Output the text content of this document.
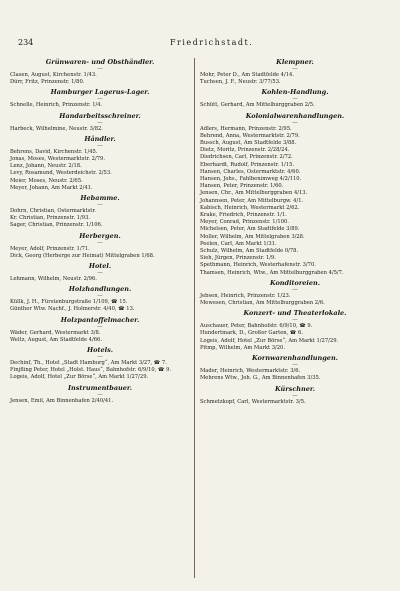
234	Friedrichstadt.

Grünwaren- und Obsthändler.

—

Clasen, August, Kirchenstr. 1/43.

Dürr, Fritz, Prinzenstr. 1/80.

Hamburger Lagerus-Lager.

—

Schnelle, Heinrich, Prinzenstr. 1/4.

Handarbeitsschreiner.

—

Harbeck, Wilhelmine, Neustr. 3/82.

Händler.

—

Behrens, David, Kirchenstr. 1/45.

Jonas, Moses, Westermarktstr. 2/79.

Lenz, Johann, Neustr. 2/18.

Levy, Rosamund, Westerdeichstr. 2/53.

Meier, Moses, Neustr. 2/65.

Meyer, Johann, Am Markt 2/41.

Hebamme.

—

Dohrn, Christian, Ostermarktstr.

Kr. Christian, Prinzenstr. 1/93.

Sager, Christian, Prinzenstr. 1/106.

Herbergen.

—

Meyer, Adolf, Prinzenstr. 1/71.

Dick, Georg (Herberge zur Heimat) Mittelgraben 1/68.

Hotel.

—

Lehmann, Wilhelm, Neustr. 2/96.

Holzhandlungen.

—

Küllk, J. H., Fürstenburgstraße 1/109, ☎ 15.

Günther Wtw. Nachf., J. Holmerstr. 4/40, ☎ 13.

Holzpantoffelmacher.

—

Wäder, Gerhard, Westermarkt 3/8.

Weltz, August, Am Stadtfelde 4/66.

Hotels.

—

Dechinf, Th., Hotel „Stadt Hamburg“, Am Markt 3/27, ☎ 7.

Finjfling Peter, Hotel „Holst. Haus“, Bahnhofstr. 6/9/10, ☎ 9.

Logeis, Adolf, Hotel „Zur Börse“, Am Markt 1/27/29.

Instrumentbauer.

—

Jensen, Emil, Am Binnenhafen 2/40/41.

Klempner.

—

Mohr, Peter D., Am Stadtfelde 4/14.

Tuchsen, J. F., Neustr. 3/77/53.

Kohlen-Handlung.

—

Schütt, Gerhard, Am Mittelburggraben 2/5.

Kolonialwarenhandlungen.

—

Adlers, Hermann, Prinzenstr. 2/95.

Behrend, Anna, Westermarktstr. 2/79.

Bussch, August, Am Stadtfelde 3/88.

Dietz, Moritz, Prinzenstr. 2/28/24.

Diedrichsen, Carl, Prinzenstr. 2/72.

Eberhardt, Rudolf, Prinzenstr. 1/15.

Hansen, Charles, Ostermarktstr. 4/60.

Hansen, Johs., Fahlbenimweg 4/2/110.

Hansen, Peter, Prinzenstr. 1/60.

Jensen, Chr., Am Mittelburggraben 4/13.

Johannsen, Peter, Am Mittelburgw. 4/1.

Kabisch, Heinrich, Westermarkt 2/62.

Krake, Friedrich, Prinzenstr. 1/1.

Meyer, Conrad, Prinzenstr. 1/100.

Michelsen, Peter, Am Stadtfelde 3/89.

Moller, Wilhelm, Am Mittelgraben 3/28.

Peelen, Carl, Am Markt 1/31.

Schulz, Wilhelm, Am Stadtfelde 0/78.

Sieh, Jürgen, Prinzenstr. 1/9.

Spethmann, Heinrich, Westerhafenstr. 3/70.

Thamsen, Heinrich, Wtw., Am Mittelburggraben 4/5/7.

Konditoreien.

—

Jebsen, Heinrich, Prinzenstr. 1/23.

Mewesen, Christian, Am Mittelburggraben 2/6.

Konzert- und Theaterlokale.

—

Auschauer, Peter, Bahnhofstr. 6/9/10, ☎ 9.

Hundertmark, D., Großer Garten, ☎ 6.

Logeis, Adolf, Hotel „Zur Börse“, Am Markt 1/27/29.

Pitmp, Wilhelm, Am Markt 3/20.

Kornwarenhandlungen.

—

Mader, Heinrich, Westermarktstr. 3/6.

Mehrens Wtw., Joh. G., Am Binnenhafen 3/35.

Kürschner.

—

Schmetzkopf, Carl, Westermarktstr. 3/5.
